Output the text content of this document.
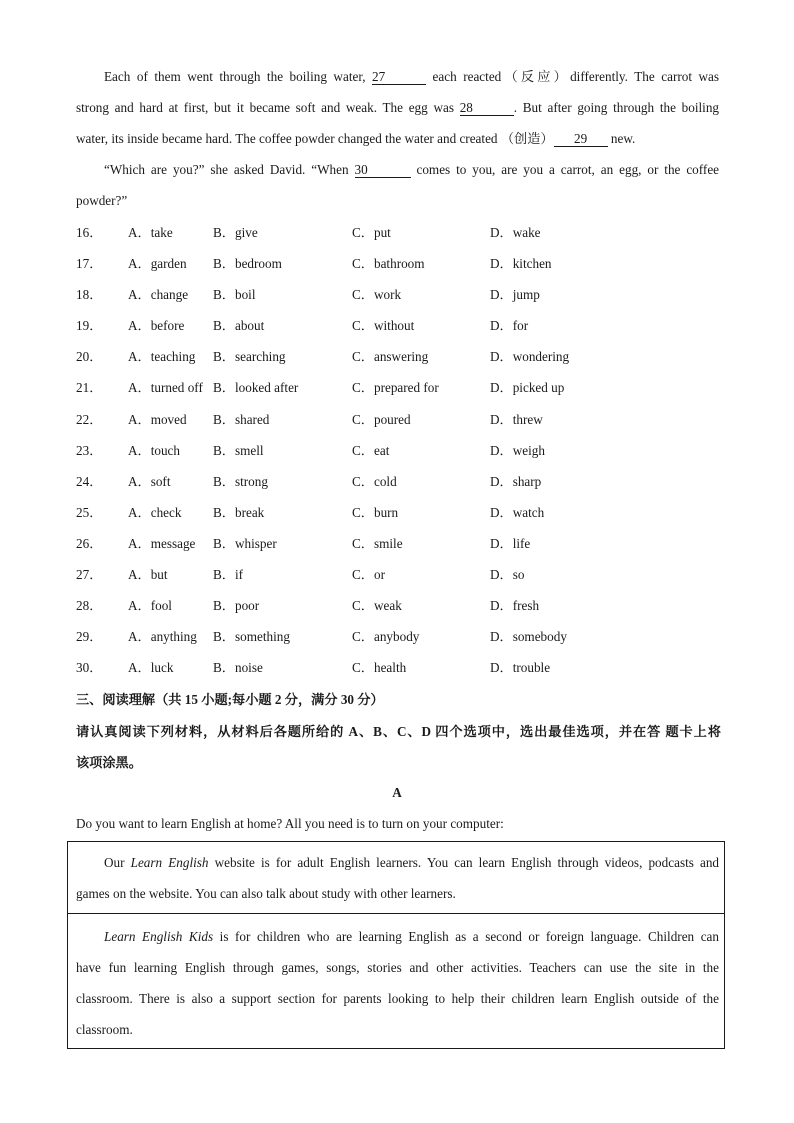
Each of them went through the boiling water, 27	each reacted（反应）differently. The carrot was
strong and hard at first, but it became soft and weak. The egg was 28	. But after going through the boiling
water, its inside became hard. The coffee powder changed the water and created （创造） 29 new.
“Which are you?” she asked David. “When 30	comes to you, are you a carrot, an egg, or the coffee
powder?”
16． A．take	B．give	C．put	D．wake
17． A．garden B．bedroom	C．bathroom	D．kitchen
18． A．change B．boil	C．work	D．jump
19． A．before B．about	C．without	D．for
20． A．teaching B．searching	C．answering	D．wondering
21． A．turned off B．looked after	C．prepared for	D．picked up
22． A．moved B．shared	C．poured	D．threw
23． A．touch B．smell	C．eat	D．weigh
24． A．soft	B．strong	C．cold	D．sharp
25． A．check B．break	C．burn	D．watch
26． A．message B．whisper	C．smile	D．life
27． A．but	B．if	C．or	D．so
28． A．fool	B．poor	C．weak	D．fresh
29． A．anything B．something	C．anybody	D．somebody
30． A．luck	B．noise	C．health	D．trouble
三、阅读理解（共 15 小题;每小题 2 分，满分 30 分）
请认真阅读下列材料，从材料后各题所给的 A、B、C、D 四个选项中，选出最佳选项，并在答 题卡上将
该项涂黑。
A
Do you want to learn English at home? All you need is to turn on your computer:
Our Learn English website is for adult English learners. You can learn English through videos, podcasts and
games on the website. You can also talk about study with other learners.
Learn English Kids is for children who are learning English as a second or foreign language. Children can
have fun learning English through games, songs, stories and other activities. Teachers can use the site in the
classroom. There is also a support section for parents looking to help their children learn English outside of the
classroom.
